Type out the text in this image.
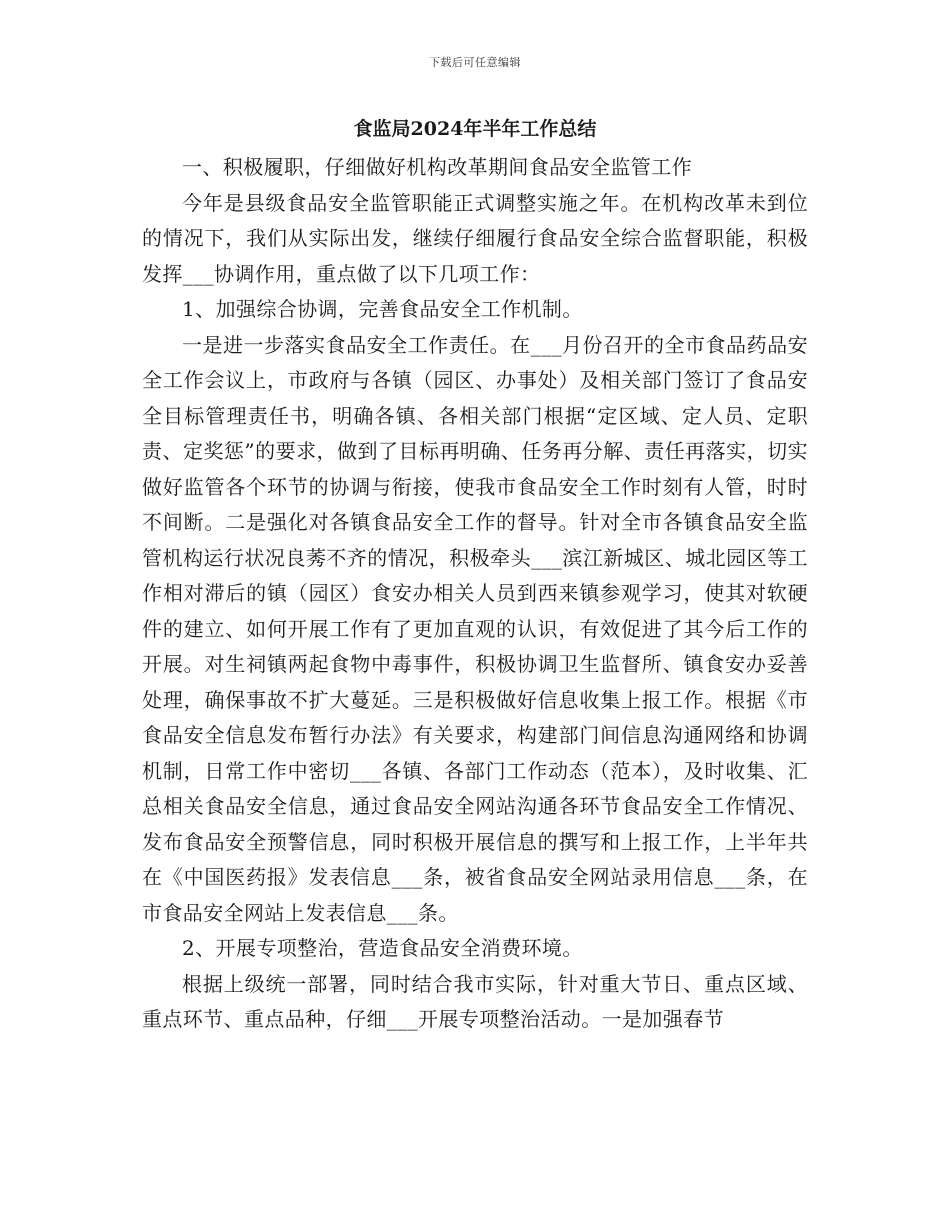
下载后可任意编辑
食监局2024年半年工作总结

一、积极履职，仔细做好机构改革期间食品安全监管工作

今年是县级食品安全监管职能正式调整实施之年。在机构改革未到位的情况下，我们从实际出发，继续仔细履行食品安全综合监督职能，积极发挥___协调作用，重点做了以下几项工作：

1、加强综合协调，完善食品安全工作机制。

一是进一步落实食品安全工作责任。在___月份召开的全市食品药品安全工作会议上，市政府与各镇（园区、办事处）及相关部门签订了食品安全目标管理责任书，明确各镇、各相关部门根据“定区域、定人员、定职责、定奖惩”的要求，做到了目标再明确、任务再分解、责任再落实，切实做好监管各个环节的协调与衔接，使我市食品安全工作时刻有人管，时时不间断。二是强化对各镇食品安全工作的督导。针对全市各镇食品安全监管机构运行状况良莠不齐的情况，积极牵头___滨江新城区、城北园区等工作相对滞后的镇（园区）食安办相关人员到西来镇参观学习，使其对软硬件的建立、如何开展工作有了更加直观的认识，有效促进了其今后工作的开展。对生祠镇两起食物中毒事件，积极协调卫生监督所、镇食安办妥善处理，确保事故不扩大蔓延。三是积极做好信息收集上报工作。根据《市食品安全信息发布暂行办法》有关要求，构建部门间信息沟通网络和协调机制，日常工作中密切___各镇、各部门工作动态（范本），及时收集、汇总相关食品安全信息，通过食品安全网站沟通各环节食品安全工作情况、发布食品安全预警信息，同时积极开展信息的撰写和上报工作，上半年共在《中国医药报》发表信息___条，被省食品安全网站录用信息___条，在市食品安全网站上发表信息___条。

2、开展专项整治，营造食品安全消费环境。

根据上级统一部署，同时结合我市实际，针对重大节日、重点区域、重点环节、重点品种，仔细___开展专项整治活动。一是加强春节
